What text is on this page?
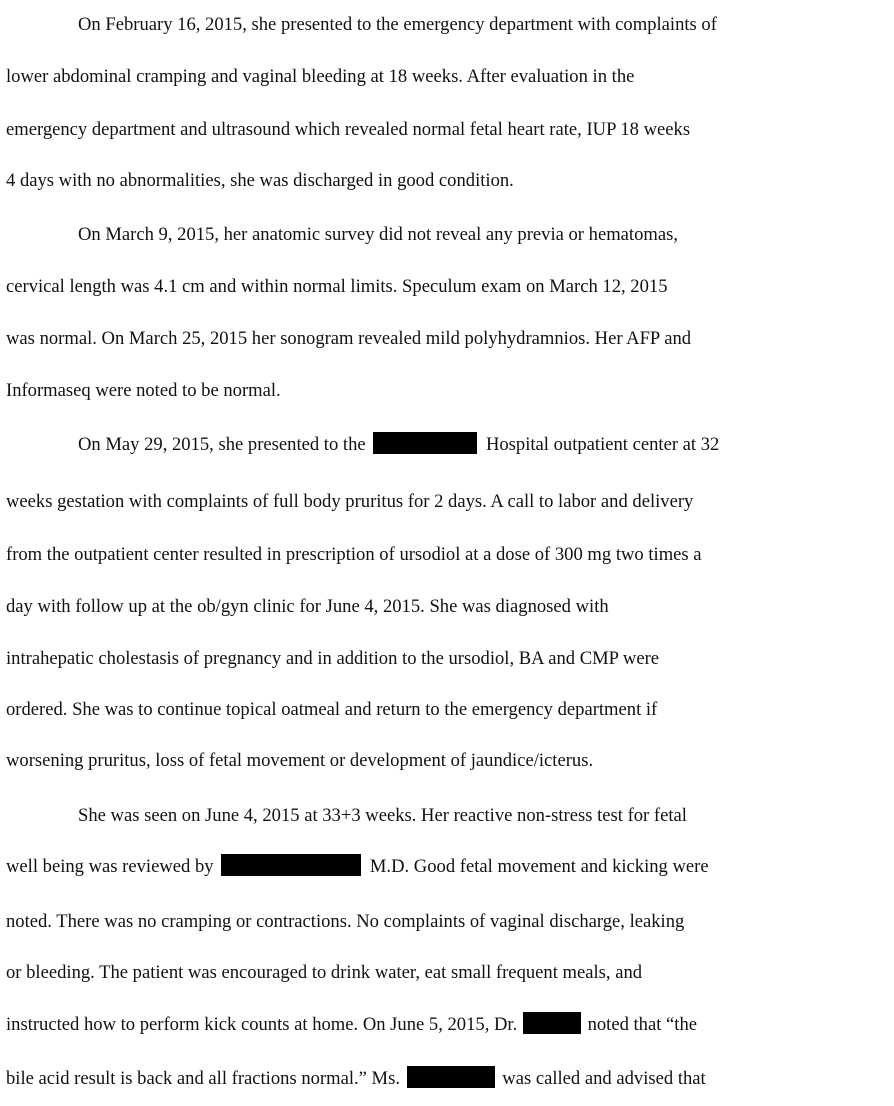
On February 16, 2015, she presented to the emergency department with complaints of
lower abdominal cramping and vaginal bleeding at 18 weeks. After evaluation in the
emergency department and ultrasound which revealed normal fetal heart rate, IUP 18 weeks
4 days with no abnormalities, she was discharged in good condition.
On March 9, 2015, her anatomic survey did not reveal any previa or hematomas,
cervical length was 4.1 cm and within normal limits. Speculum exam on March 12, 2015
was normal. On March 25, 2015 her sonogram revealed mild polyhydramnios. Her AFP and
Informaseq were noted to be normal.
On May 29, 2015, she presented to the	Hospital outpatient center at 32
weeks gestation with complaints of full body pruritus for 2 days. A call to labor and delivery
from the outpatient center resulted in prescription of ursodiol at a dose of 300 mg two times a
day with follow up at the ob/gyn clinic for June 4, 2015. She was diagnosed with
intrahepatic cholestasis of pregnancy and in addition to the ursodiol, BA and CMP were
ordered. She was to continue topical oatmeal and return to the emergency department if
worsening pruritus, loss of fetal movement or development of jaundice/icterus.
She was seen on June 4, 2015 at 33+3 weeks. Her reactive non-stress test for fetal
well being was reviewed by	M.D. Good fetal movement and kicking were
noted. There was no cramping or contractions. No complaints of vaginal discharge, leaking
or bleeding. The patient was encouraged to drink water, eat small frequent meals, and
instructed how to perform kick counts at home. On June 5, 2015, Dr.	noted that “the
bile acid result is back and all fractions normal.” Ms.	was called and advised that
